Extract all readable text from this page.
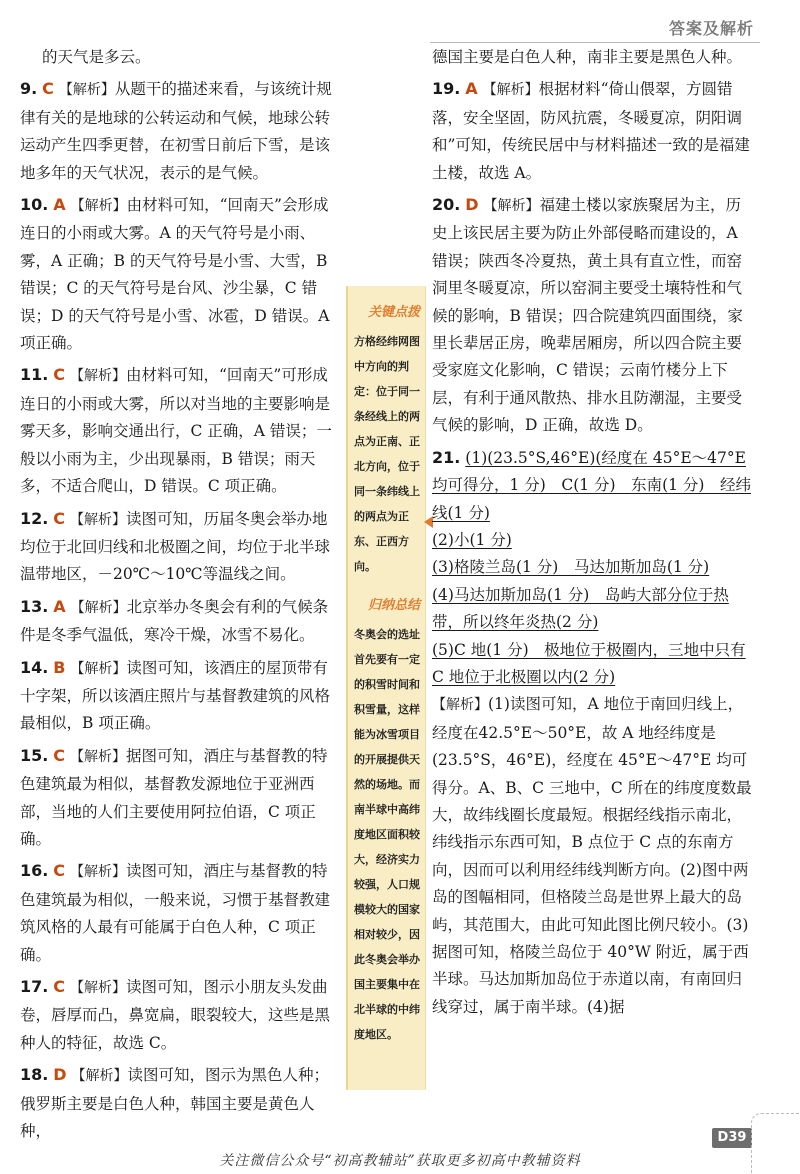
答案及解析
的天气是多云。
9. C 【解析】从题干的描述来看，与该统计规律有关的是地球的公转运动和气候，地球公转运动产生四季更替，在初雪日前后下雪，是该地多年的天气状况，表示的是气候。
10. A 【解析】由材料可知，“回南天”会形成连日的小雨或大雾。A 的天气符号是小雨、雾，A 正确；B 的天气符号是小雪、大雪，B 错误；C 的天气符号是台风、沙尘暴，C 错误；D 的天气符号是小雪、冰雹，D 错误。A 项正确。
11. C 【解析】由材料可知，“回南天”可形成连日的小雨或大雾，所以对当地的主要影响是雾天多，影响交通出行，C 正确，A 错误；一般以小雨为主，少出现暴雨，B 错误；雨天多，不适合爬山，D 错误。C 项正确。
12. C 【解析】读图可知，历届冬奥会举办地均位于北回归线和北极圈之间，均位于北半球温带地区，－20℃～10℃等温线之间。
13. A 【解析】北京举办冬奥会有利的气候条件是冬季气温低，寒冷干燥，冰雪不易化。
14. B 【解析】读图可知，该酒庄的屋顶带有十字架，所以该酒庄照片与基督教建筑的风格最相似，B 项正确。
15. C 【解析】据图可知，酒庄与基督教的特色建筑最为相似，基督教发源地位于亚洲西部，当地的人们主要使用阿拉伯语，C 项正确。
16. C 【解析】读图可知，酒庄与基督教的特色建筑最为相似，一般来说，习惯于基督教建筑风格的人最有可能属于白色人种，C 项正确。
17. C 【解析】读图可知，图示小朋友头发曲卷，唇厚而凸，鼻宽扁，眼裂较大，这些是黑种人的特征，故选 C。
18. D 【解析】读图可知，图示为黑色人种；俄罗斯主要是白色人种，韩国主要是黄色人种，
关键点拨
方格经纬网图中方向的判定：位于同一条经线上的两点为正南、正北方向，位于同一条纬线上的两点为正东、正西方向。
归纳总结
冬奥会的选址首先要有一定的积雪时间和积雪量，这样能为冰雪项目的开展提供天然的场地。而南半球中高纬度地区面积较大，经济实力较强，人口规模较大的国家相对较少，因此冬奥会举办国主要集中在北半球的中纬度地区。
德国主要是白色人种，南非主要是黑色人种。
19. A 【解析】根据材料“倚山偎翠，方圆错落，安全坚固，防风抗震，冬暖夏凉，阴阳调和”可知，传统民居中与材料描述一致的是福建土楼，故选 A。
20. D 【解析】福建土楼以家族聚居为主，历史上该民居主要为防止外部侵略而建设的，A 错误；陕西冬冷夏热，黄土具有直立性，而窑洞里冬暖夏凉，所以窑洞主要受土壤特性和气候的影响，B 错误；四合院建筑四面围绕，家里长辈居正房，晚辈居厢房，所以四合院主要受家庭文化影响，C 错误；云南竹楼分上下层，有利于通风散热、排水且防潮湿，主要受气候的影响，D 正确，故选 D。
21. (1)(23.5°S,46°E)(经度在 45°E～47°E 均可得分，1 分)　C(1 分)　东南(1 分)　经纬线(1 分)
(2)小(1 分)
(3)格陵兰岛(1 分)　马达加斯加岛(1 分)
(4)马达加斯加岛(1 分)　岛屿大部分位于热带，所以终年炎热(2 分)
(5)C 地(1 分)　极地位于极圈内，三地中只有 C 地位于北极圈以内(2 分)
【解析】(1)读图可知，A 地位于南回归线上，经度在42.5°E～50°E，故 A 地经纬度是(23.5°S，46°E)，经度在 45°E～47°E 均可得分。A、B、C 三地中，C 所在的纬度度数最大，故纬线圈长度最短。根据经线指示南北，纬线指示东西可知，B 点位于 C 点的东南方向，因而可以利用经纬线判断方向。(2)图中两岛的图幅相同，但格陵兰岛是世界上最大的岛屿，其范围大，由此可知此图比例尺较小。(3)据图可知，格陵兰岛位于 40°W 附近，属于西半球。马达加斯加岛位于赤道以南，有南回归线穿过，属于南半球。(4)据
D39
关注微信公众号“初高教辅站”获取更多初高中教辅资料
